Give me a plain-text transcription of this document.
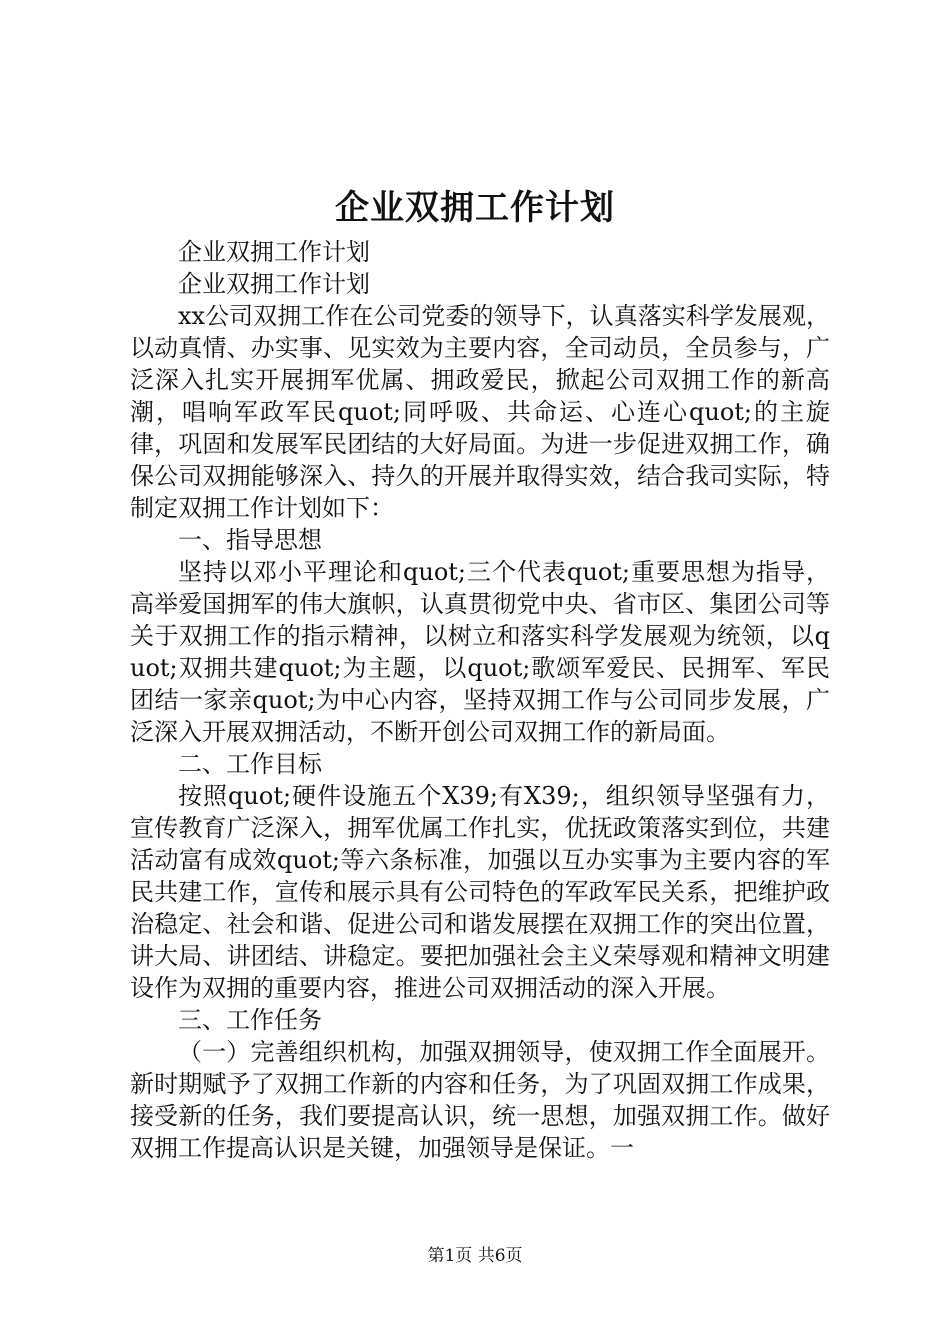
企业双拥工作计划

企业双拥工作计划

企业双拥工作计划

xx公司双拥工作在公司党委的领导下，认真落实科学发展观，以动真情、办实事、见实效为主要内容，全司动员，全员参与，广泛深入扎实开展拥军优属、拥政爱民，掀起公司双拥工作的新高潮，唱响军政军民quot;同呼吸、共命运、心连心quot;的主旋律，巩固和发展军民团结的大好局面。为进一步促进双拥工作，确保公司双拥能够深入、持久的开展并取得实效，结合我司实际，特制定双拥工作计划如下：

一、指导思想

坚持以邓小平理论和quot;三个代表quot;重要思想为指导，高举爱国拥军的伟大旗帜，认真贯彻党中央、省市区、集团公司等关于双拥工作的指示精神，以树立和落实科学发展观为统领，以quot;双拥共建quot;为主题，以quot;歌颂军爱民、民拥军、军民团结一家亲quot;为中心内容，坚持双拥工作与公司同步发展，广泛深入开展双拥活动，不断开创公司双拥工作的新局面。

二、工作目标

按照quot;硬件设施五个X39;有X39;，组织领导坚强有力，宣传教育广泛深入，拥军优属工作扎实，优抚政策落实到位，共建活动富有成效quot;等六条标准，加强以互办实事为主要内容的军民共建工作，宣传和展示具有公司特色的军政军民关系，把维护政治稳定、社会和谐、促进公司和谐发展摆在双拥工作的突出位置，讲大局、讲团结、讲稳定。要把加强社会主义荣辱观和精神文明建设作为双拥的重要内容，推进公司双拥活动的深入开展。

三、工作任务

（一）完善组织机构，加强双拥领导，使双拥工作全面展开。新时期赋予了双拥工作新的内容和任务，为了巩固双拥工作成果，接受新的任务，我们要提高认识，统一思想，加强双拥工作。做好双拥工作提高认识是关键，加强领导是保证。一

第1页 共6页
